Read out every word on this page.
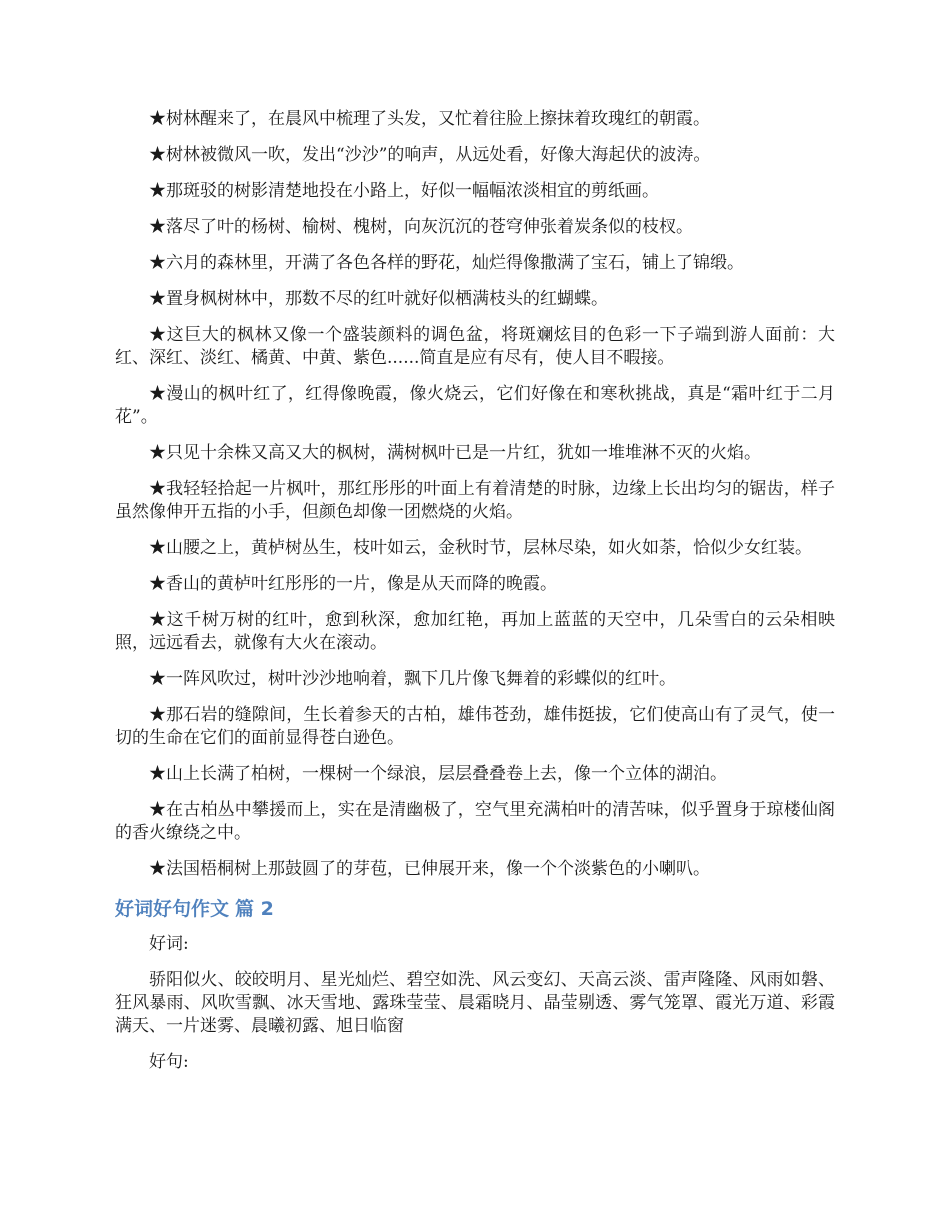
★树林醒来了，在晨风中梳理了头发，又忙着往脸上擦抹着玫瑰红的朝霞。

★树林被微风一吹，发出“沙沙”的响声，从远处看，好像大海起伏的波涛。

★那斑驳的树影清楚地投在小路上，好似一幅幅浓淡相宜的剪纸画。

★落尽了叶的杨树、榆树、槐树，向灰沉沉的苍穹伸张着炭条似的枝杈。

★六月的森林里，开满了各色各样的野花，灿烂得像撒满了宝石，铺上了锦缎。

★置身枫树林中，那数不尽的红叶就好似栖满枝头的红蝴蝶。

★这巨大的枫林又像一个盛装颜料的调色盆，将斑斓炫目的色彩一下子端到游人面前：大红、深红、淡红、橘黄、中黄、紫色......简直是应有尽有，使人目不暇接。

★漫山的枫叶红了，红得像晚霞，像火烧云，它们好像在和寒秋挑战，真是“霜叶红于二月花”。

★只见十余株又高又大的枫树，满树枫叶已是一片红，犹如一堆堆淋不灭的火焰。

★我轻轻拾起一片枫叶，那红彤彤的叶面上有着清楚的时脉，边缘上长出均匀的锯齿，样子虽然像伸开五指的小手，但颜色却像一团燃烧的火焰。

★山腰之上，黄栌树丛生，枝叶如云，金秋时节，层林尽染，如火如荼，恰似少女红装。

★香山的黄栌叶红彤彤的一片，像是从天而降的晚霞。

★这千树万树的红叶，愈到秋深，愈加红艳，再加上蓝蓝的天空中，几朵雪白的云朵相映照，远远看去，就像有大火在滚动。

★一阵风吹过，树叶沙沙地响着，飘下几片像飞舞着的彩蝶似的红叶。

★那石岩的缝隙间，生长着参天的古柏，雄伟苍劲，雄伟挺拔，它们使高山有了灵气，使一切的生命在它们的面前显得苍白逊色。

★山上长满了柏树，一棵树一个绿浪，层层叠叠卷上去，像一个立体的湖泊。

★在古柏丛中攀援而上，实在是清幽极了，空气里充满柏叶的清苦味，似乎置身于琼楼仙阁的香火缭绕之中。

★法国梧桐树上那鼓圆了的芽苞，已伸展开来，像一个个淡紫色的小喇叭。

好词好句作文 篇 2

好词:

骄阳似火、皎皎明月、星光灿烂、碧空如洗、风云变幻、天高云淡、雷声隆隆、风雨如磐、狂风暴雨、风吹雪飘、冰天雪地、露珠莹莹、晨霜晓月、晶莹剔透、雾气笼罩、霞光万道、彩霞满天、一片迷雾、晨曦初露、旭日临窗

好句:
